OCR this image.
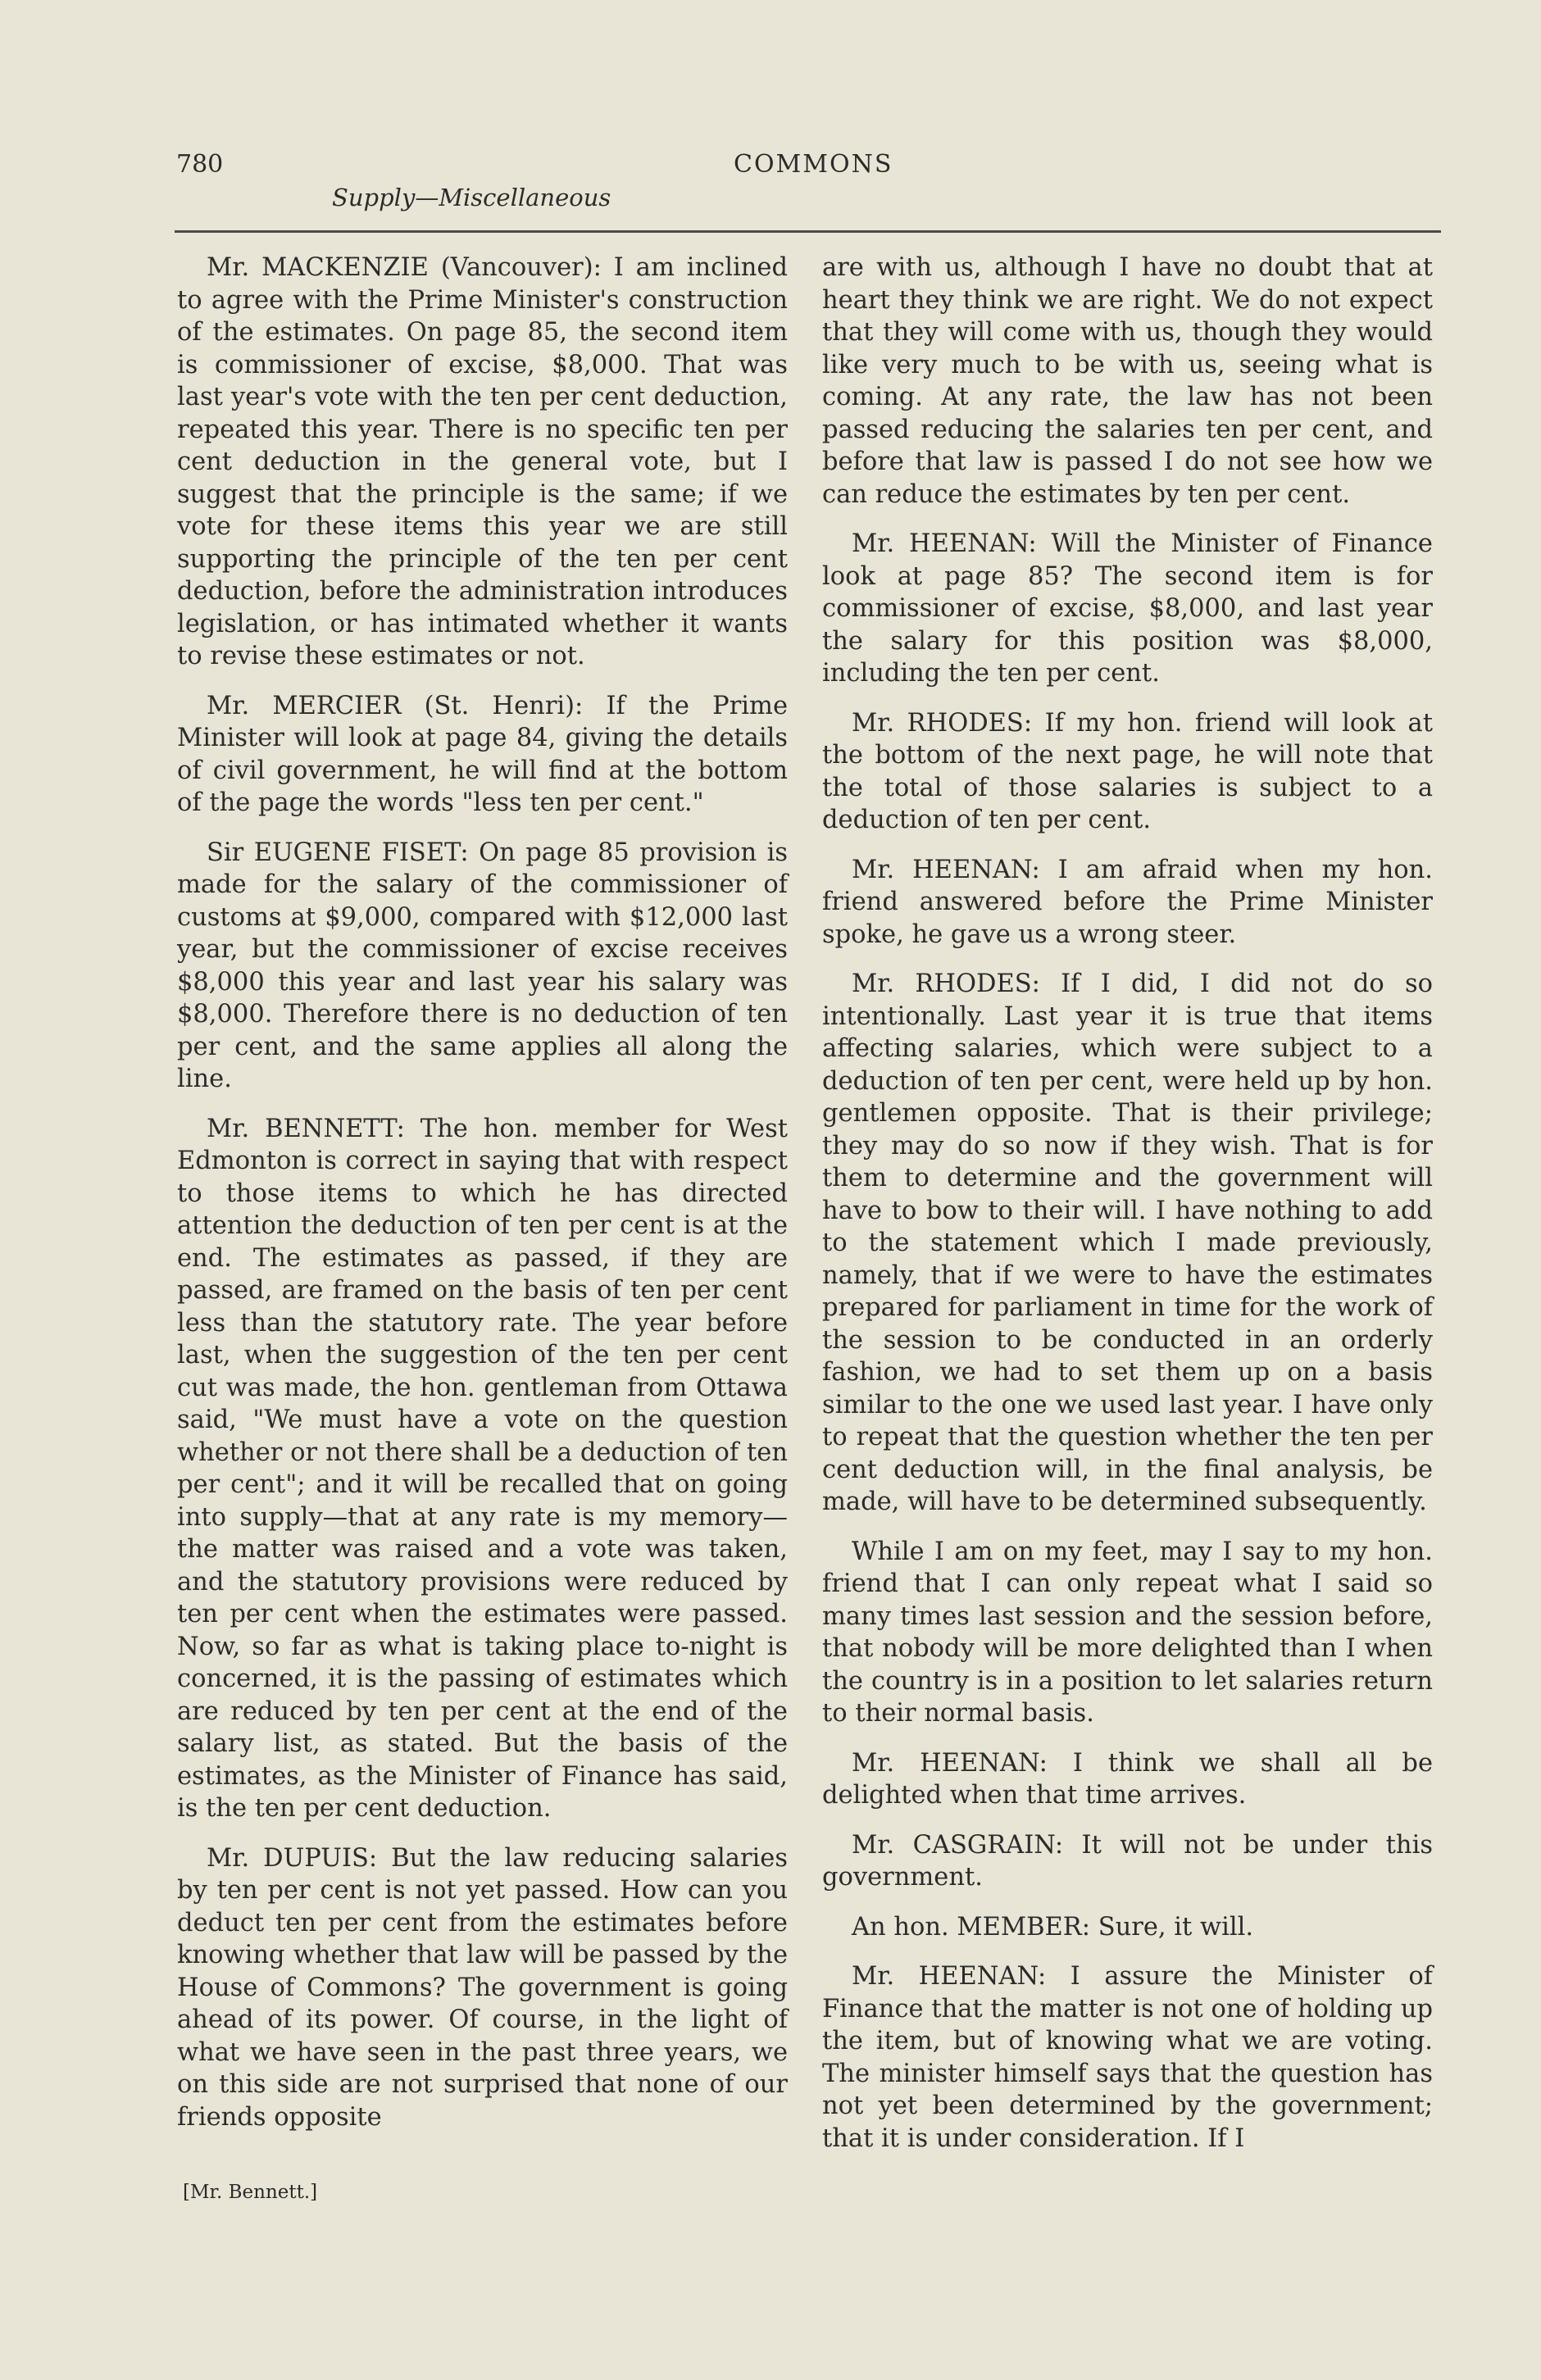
780	COMMONS
Supply—Miscellaneous

Mr. MACKENZIE (Vancouver): I am inclined to agree with the Prime Minister's construction of the estimates. On page 85, the second item is commissioner of excise, $8,000. That was last year's vote with the ten per cent deduction, repeated this year. There is no specific ten per cent deduction in the general vote, but I suggest that the principle is the same; if we vote for these items this year we are still supporting the principle of the ten per cent deduction, before the administration introduces legislation, or has intimated whether it wants to revise these estimates or not.

Mr. MERCIER (St. Henri): If the Prime Minister will look at page 84, giving the details of civil government, he will find at the bottom of the page the words "less ten per cent."

Sir EUGENE FISET: On page 85 provision is made for the salary of the commissioner of customs at $9,000, compared with $12,000 last year, but the commissioner of excise receives $8,000 this year and last year his salary was $8,000. Therefore there is no deduction of ten per cent, and the same applies all along the line.

Mr. BENNETT: The hon. member for West Edmonton is correct in saying that with respect to those items to which he has directed attention the deduction of ten per cent is at the end. The estimates as passed, if they are passed, are framed on the basis of ten per cent less than the statutory rate. The year before last, when the suggestion of the ten per cent cut was made, the hon. gentleman from Ottawa said, "We must have a vote on the question whether or not there shall be a deduction of ten per cent"; and it will be recalled that on going into supply—that at any rate is my memory—the matter was raised and a vote was taken, and the statutory provisions were reduced by ten per cent when the estimates were passed. Now, so far as what is taking place to-night is concerned, it is the passing of estimates which are reduced by ten per cent at the end of the salary list, as stated. But the basis of the estimates, as the Minister of Finance has said, is the ten per cent deduction.

Mr. DUPUIS: But the law reducing salaries by ten per cent is not yet passed. How can you deduct ten per cent from the estimates before knowing whether that law will be passed by the House of Commons? The government is going ahead of its power. Of course, in the light of what we have seen in the past three years, we on this side are not surprised that none of our friends opposite

are with us, although I have no doubt that at heart they think we are right. We do not expect that they will come with us, though they would like very much to be with us, seeing what is coming. At any rate, the law has not been passed reducing the salaries ten per cent, and before that law is passed I do not see how we can reduce the estimates by ten per cent.

Mr. HEENAN: Will the Minister of Finance look at page 85? The second item is for commissioner of excise, $8,000, and last year the salary for this position was $8,000, including the ten per cent.

Mr. RHODES: If my hon. friend will look at the bottom of the next page, he will note that the total of those salaries is subject to a deduction of ten per cent.

Mr. HEENAN: I am afraid when my hon. friend answered before the Prime Minister spoke, he gave us a wrong steer.

Mr. RHODES: If I did, I did not do so intentionally. Last year it is true that items affecting salaries, which were subject to a deduction of ten per cent, were held up by hon. gentlemen opposite. That is their privilege; they may do so now if they wish. That is for them to determine and the government will have to bow to their will. I have nothing to add to the statement which I made previously, namely, that if we were to have the estimates prepared for parliament in time for the work of the session to be conducted in an orderly fashion, we had to set them up on a basis similar to the one we used last year. I have only to repeat that the question whether the ten per cent deduction will, in the final analysis, be made, will have to be determined subsequently.

While I am on my feet, may I say to my hon. friend that I can only repeat what I said so many times last session and the session before, that nobody will be more delighted than I when the country is in a position to let salaries return to their normal basis.

Mr. HEENAN: I think we shall all be delighted when that time arrives.

Mr. CASGRAIN: It will not be under this government.

An hon. MEMBER: Sure, it will.

Mr. HEENAN: I assure the Minister of Finance that the matter is not one of holding up the item, but of knowing what we are voting. The minister himself says that the question has not yet been determined by the government; that it is under consideration. If I

[Mr. Bennett.]
